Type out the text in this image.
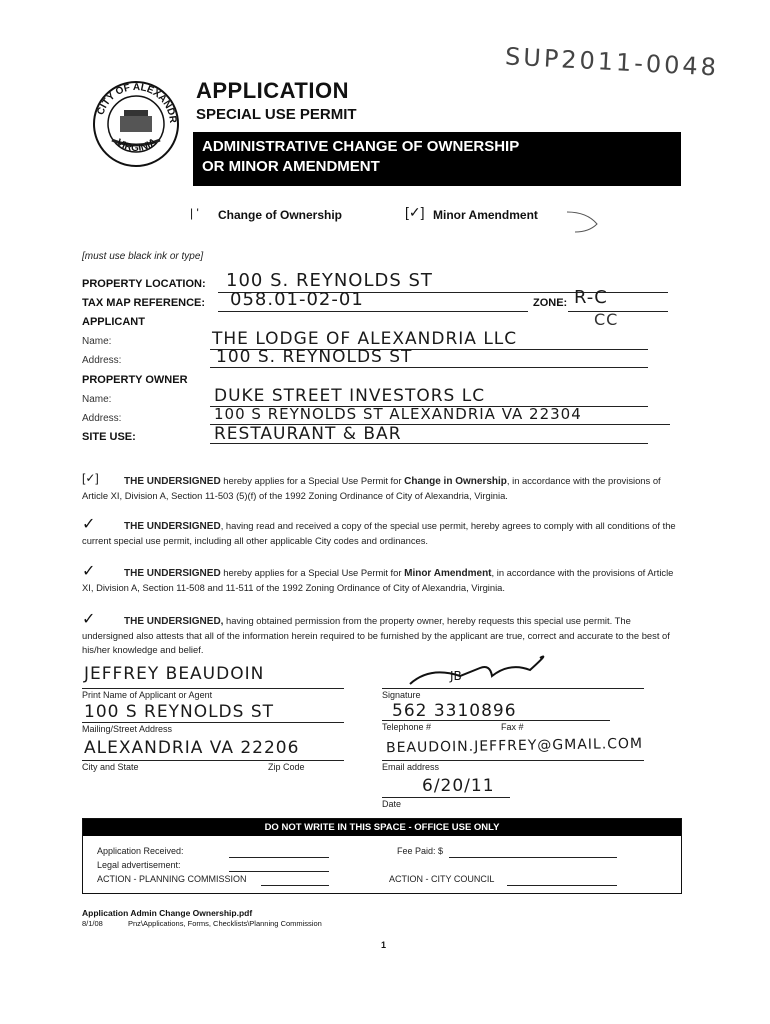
SUP2011-0048
CITY OF ALEXANDR
VIRGINIA
APPLICATION
SPECIAL USE PERMIT
ADMINISTRATIVE CHANGE OF OWNERSHIP
OR MINOR AMENDMENT
| ' Change of Ownership	[✓] Minor Amendment
[must use black ink or type]
PROPERTY LOCATION: 100 S. REYNOLDS ST
TAX MAP REFERENCE: 058.01-02-01	ZONE: R-C
CC
APPLICANT
Name:	THE LODGE OF ALEXANDRIA LLC
Address:	100 S. REYNOLDS ST
PROPERTY OWNER
Name:	DUKE STREET INVESTORS LC
Address:	100 S REYNOLDS ST ALEXANDRIA VA 22304
SITE USE:	RESTAURANT & BAR
[✓]	THE UNDERSIGNED hereby applies for a Special Use Permit for Change in Ownership, in accordance with the provisions of Article XI, Division A, Section 11-503 (5)(f) of the 1992 Zoning Ordinance of City of Alexandria, Virginia.
✓	THE UNDERSIGNED, having read and received a copy of the special use permit, hereby agrees to comply with all conditions of the current special use permit, including all other applicable City codes and ordinances.
✓	THE UNDERSIGNED hereby applies for a Special Use Permit for Minor Amendment, in accordance with the provisions of Article XI, Division A, Section 11-508 and 11-511 of the 1992 Zoning Ordinance of City of Alexandria, Virginia.
✓	THE UNDERSIGNED, having obtained permission from the property owner, hereby requests this special use permit. The undersigned also attests that all of the information herein required to be furnished by the applicant are true, correct and accurate to the best of his/her knowledge and belief.
JEFFREY BEAUDOIN
Print Name of Applicant or Agent
JB
Signature
100 S REYNOLDS ST
Mailing/Street Address
562 3310896
Telephone #	Fax #
ALEXANDRIA VA 22206
City and State	Zip Code
BEAUDOIN.JEFFREY@GMAIL.COM
Email address
6/20/11
Date
DO NOT WRITE IN THIS SPACE - OFFICE USE ONLY
Application Received:	Fee Paid: $
Legal advertisement:
ACTION - PLANNING COMMISSION	ACTION - CITY COUNCIL
Application Admin Change Ownership.pdf
8/1/08	Pnz\Applications, Forms, Checklists\Planning Commission
1
